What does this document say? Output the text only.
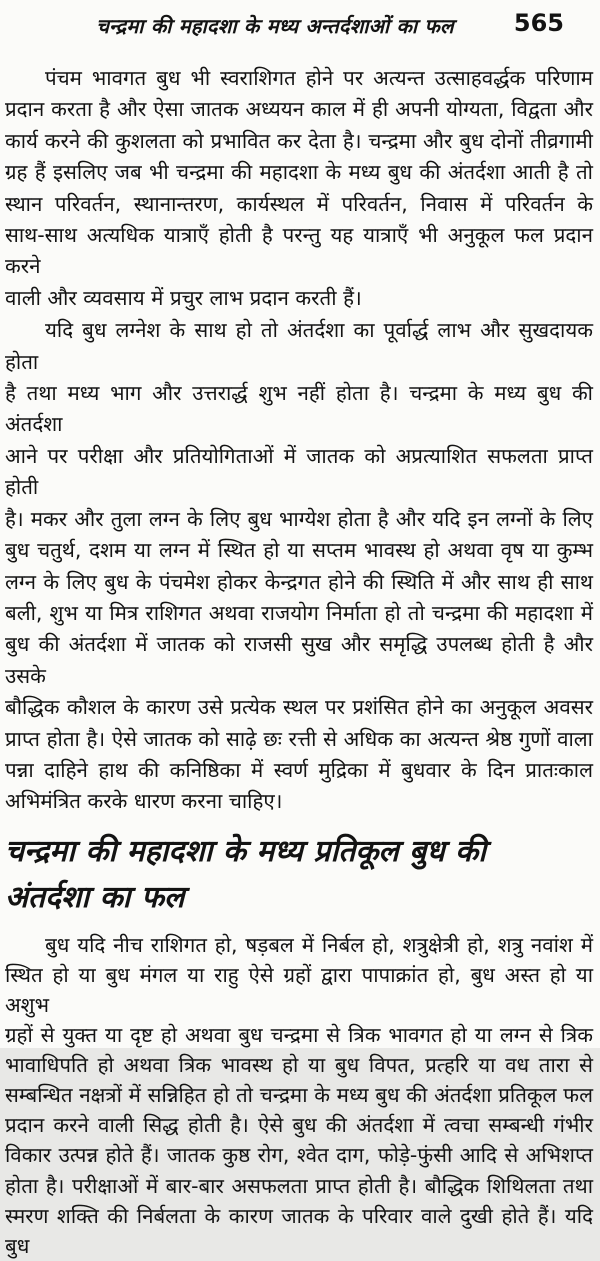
चन्द्रमा की महादशा के मध्य अन्तर्दशाओं का फल	565
पंचम भावगत बुध भी स्वराशिगत होने पर अत्यन्त उत्साहवर्द्धक परिणाम
प्रदान करता है और ऐसा जातक अध्ययन काल में ही अपनी योग्यता, विद्वता और
कार्य करने की कुशलता को प्रभावित कर देता है। चन्द्रमा और बुध दोनों तीव्रगामी
ग्रह हैं इसलिए जब भी चन्द्रमा की महादशा के मध्य बुध की अंतर्दशा आती है तो
स्थान परिवर्तन, स्थानान्तरण, कार्यस्थल में परिवर्तन, निवास में परिवर्तन के
साथ-साथ अत्यधिक यात्राएँ होती है परन्तु यह यात्राएँ भी अनुकूल फल प्रदान करने
वाली और व्यवसाय में प्रचुर लाभ प्रदान करती हैं।
यदि बुध लग्नेश के साथ हो तो अंतर्दशा का पूर्वार्द्ध लाभ और सुखदायक होता
है तथा मध्य भाग और उत्तरार्द्ध शुभ नहीं होता है। चन्द्रमा के मध्य बुध की अंतर्दशा
आने पर परीक्षा और प्रतियोगिताओं में जातक को अप्रत्याशित सफलता प्राप्त होती
है। मकर और तुला लग्न के लिए बुध भाग्येश होता है और यदि इन लग्नों के लिए
बुध चतुर्थ, दशम या लग्न में स्थित हो या सप्तम भावस्थ हो अथवा वृष या कुम्भ
लग्न के लिए बुध के पंचमेश होकर केन्द्रगत होने की स्थिति में और साथ ही साथ
बली, शुभ या मित्र राशिगत अथवा राजयोग निर्माता हो तो चन्द्रमा की महादशा में
बुध की अंतर्दशा में जातक को राजसी सुख और समृद्धि उपलब्ध होती है और उसके
बौद्धिक कौशल के कारण उसे प्रत्येक स्थल पर प्रशंसित होने का अनुकूल अवसर
प्राप्त होता है। ऐसे जातक को साढ़े छः रत्ती से अधिक का अत्यन्त श्रेष्ठ गुणों वाला
पन्ना दाहिने हाथ की कनिष्ठिका में स्वर्ण मुद्रिका में बुधवार के दिन प्रातःकाल
अभिमंत्रित करके धारण करना चाहिए।
चन्द्रमा की महादशा के मध्य प्रतिकूल बुध की
अंतर्दशा का फल
बुध यदि नीच राशिगत हो, षड़बल में निर्बल हो, शत्रुक्षेत्री हो, शत्रु नवांश में
स्थित हो या बुध मंगल या राहु ऐसे ग्रहों द्वारा पापाक्रांत हो, बुध अस्त हो या अशुभ
ग्रहों से युक्त या दृष्ट हो अथवा बुध चन्द्रमा से त्रिक भावगत हो या लग्न से त्रिक
भावाधिपति हो अथवा त्रिक भावस्थ हो या बुध विपत, प्रत्हरि या वध तारा से
सम्बन्धित नक्षत्रों में सन्निहित हो तो चन्द्रमा के मध्य बुध की अंतर्दशा प्रतिकूल फल
प्रदान करने वाली सिद्ध होती है। ऐसे बुध की अंतर्दशा में त्वचा सम्बन्धी गंभीर
विकार उत्पन्न होते हैं। जातक कुष्ठ रोग, श्वेत दाग, फोड़े-फुंसी आदि से अभिशप्त
होता है। परीक्षाओं में बार-बार असफलता प्राप्त होती है। बौद्धिक शिथिलता तथा
स्मरण शक्ति की निर्बलता के कारण जातक के परिवार वाले दुखी होते हैं। यदि बुध
